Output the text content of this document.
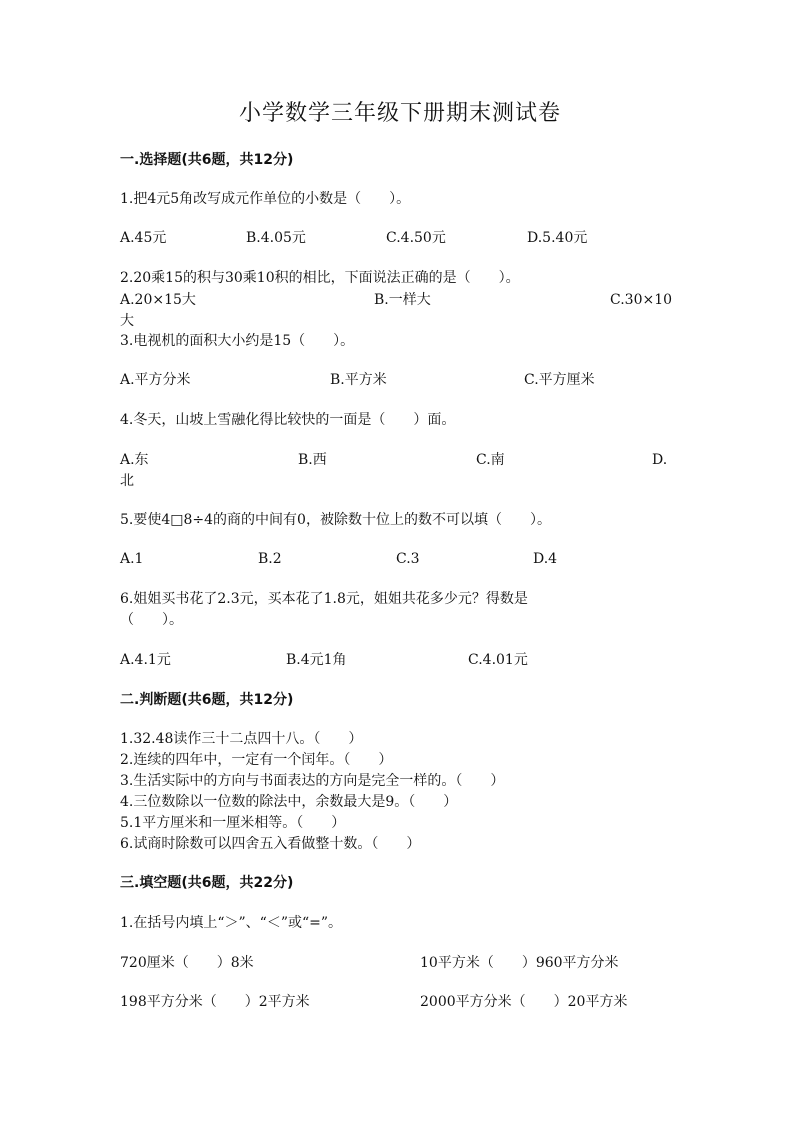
小学数学三年级下册期末测试卷
一.选择题(共6题，共12分)
1.把4元5角改写成元作单位的小数是（　　）。
A.45元	B.4.05元	C.4.50元	D.5.40元
2.20乘15的积与30乘10积的相比，下面说法正确的是（　　）。
A.20×15大	B.一样大	C.30×10
大
3.电视机的面积大小约是15（　　）。
A.平方分米	B.平方米	C.平方厘米
4.冬天，山坡上雪融化得比较快的一面是（　　）面。
A.东	B.西	C.南	D.
北
5.要使4□8÷4的商的中间有0，被除数十位上的数不可以填（　　）。
A.1	B.2	C.3	D.4
6.姐姐买书花了2.3元，买本花了1.8元，姐姐共花多少元？得数是
（　　）。
A.4.1元	B.4元1角	C.4.01元
二.判断题(共6题，共12分)
1.32.48读作三十二点四十八。（　　）
2.连续的四年中，一定有一个闰年。（　　）
3.生活实际中的方向与书面表达的方向是完全一样的。（　　）
4.三位数除以一位数的除法中，余数最大是9。（　　）
5.1平方厘米和一厘米相等。（　　）
6.试商时除数可以四舍五入看做整十数。（　　）
三.填空题(共6题，共22分)
1.在括号内填上“＞”、“＜”或“=”。
720厘米（　　）8米	10平方米（　　）960平方分米
198平方分米（　　）2平方米	2000平方分米（　　）20平方米
